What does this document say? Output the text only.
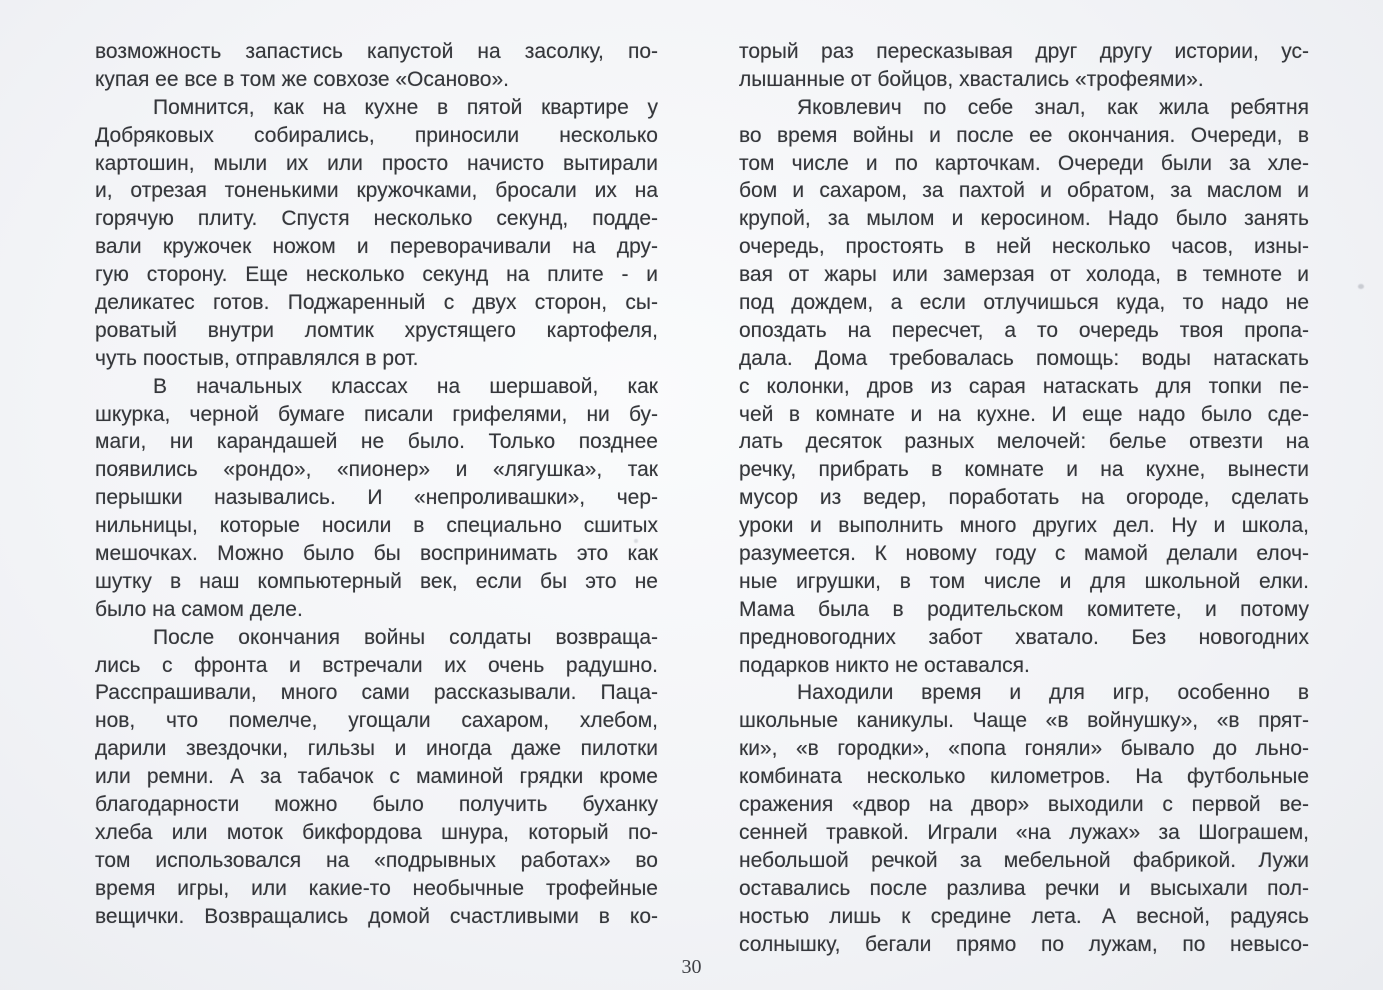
возможность запастись капустой на засолку, по-
купая ее все в том же совхозе «Осаново».
Помнится, как на кухне в пятой квартире у
Добряковых собирались, приносили несколько
картошин, мыли их или просто начисто вытирали
и, отрезая тоненькими кружочками, бросали их на
горячую плиту. Спустя несколько секунд, подде-
вали кружочек ножом и переворачивали на дру-
гую сторону. Еще несколько секунд на плите - и
деликатес готов. Поджаренный с двух сторон, сы-
роватый внутри ломтик хрустящего картофеля,
чуть поостыв, отправлялся в рот.
В начальных классах на шершавой, как
шкурка, черной бумаге писали грифелями, ни бу-
маги, ни карандашей не было. Только позднее
появились «рондо», «пионер» и «лягушка», так
перышки назывались. И «непроливашки», чер-
нильницы, которые носили в специально сшитых
мешочках. Можно было бы воспринимать это как
шутку в наш компьютерный век, если бы это не
было на самом деле.
После окончания войны солдаты возвраща-
лись с фронта и встречали их очень радушно.
Расспрашивали, много сами рассказывали. Паца-
нов, что помелче, угощали сахаром, хлебом,
дарили звездочки, гильзы и иногда даже пилотки
или ремни. А за табачок с маминой грядки кроме
благодарности можно было получить буханку
хлеба или моток бикфордова шнура, который по-
том использовался на «подрывных работах» во
время игры, или какие-то необычные трофейные
вещички. Возвращались домой счастливыми в ко-
торый раз пересказывая друг другу истории, ус-
лышанные от бойцов, хвастались «трофеями».
Яковлевич по себе знал, как жила ребятня
во время войны и после ее окончания. Очереди, в
том числе и по карточкам. Очереди были за хле-
бом и сахаром, за пахтой и обратом, за маслом и
крупой, за мылом и керосином. Надо было занять
очередь, простоять в ней несколько часов, изны-
вая от жары или замерзая от холода, в темноте и
под дождем, а если отлучишься куда, то надо не
опоздать на пересчет, а то очередь твоя пропа-
дала. Дома требовалась помощь: воды натаскать
с колонки, дров из сарая натаскать для топки пе-
чей в комнате и на кухне. И еще надо было сде-
лать десяток разных мелочей: белье отвезти на
речку, прибрать в комнате и на кухне, вынести
мусор из ведер, поработать на огороде, сделать
уроки и выполнить много других дел. Ну и школа,
разумеется. К новому году с мамой делали елоч-
ные игрушки, в том числе и для школьной елки.
Мама была в родительском комитете, и потому
предновогодних забот хватало. Без новогодних
подарков никто не оставался.
Находили время и для игр, особенно в
школьные каникулы. Чаще «в войнушку», «в прят-
ки», «в городки», «попа гоняли» бывало до льно-
комбината несколько километров. На футбольные
сражения «двор на двор» выходили с первой ве-
сенней травкой. Играли «на лужах» за Шограшем,
небольшой речкой за мебельной фабрикой. Лужи
оставались после разлива речки и высыхали пол-
ностью лишь к средине лета. А весной, радуясь
солнышку, бегали прямо по лужам, по невысо-
30
